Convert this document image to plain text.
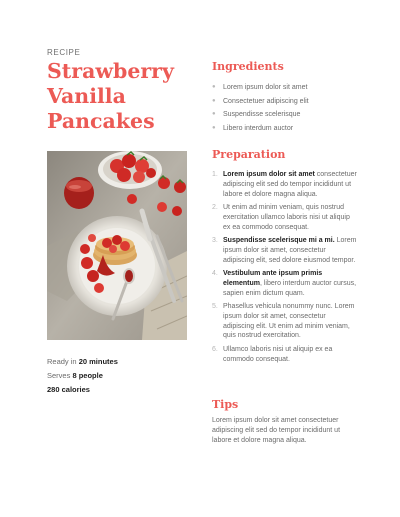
RECIPE
Strawberry
Vanilla
Pancakes
Ready in 20 minutes
Serves 8 people
280 calories
Ingredients
● Lorem ipsum dolor sit amet
● Consectetuer adipiscing elit
● Suspendisse scelerisque
● Libero interdum auctor
Preparation
1. Lorem ipsum dolor sit amet consectetuer adipiscing elit sed do tempor incididunt ut labore et dolore magna aliqua.
2. Ut enim ad minim veniam, quis nostrud exercitation ullamco laboris nisi ut aliquip ex ea commodo consequat.
3. Suspendisse scelerisque mi a mi. Lorem ipsum dolor sit amet, consectetur adipiscing elit, sed dolore eiusmod tempor.
4. Vestibulum ante ipsum primis elementum, libero interdum auctor cursus, sapien enim dictum quam.
5. Phasellus vehicula nonummy nunc. Lorem ipsum dolor sit amet, consectetur adipiscing elit. Ut enim ad minim veniam, quis nostrud exercitation.
6. Ullamco laboris nisi ut aliquip ex ea commodo consequat.
Tips

Lorem ipsum dolor sit amet consectetuer adipiscing elit sed do tempor incididunt ut labore et dolore magna aliqua.
